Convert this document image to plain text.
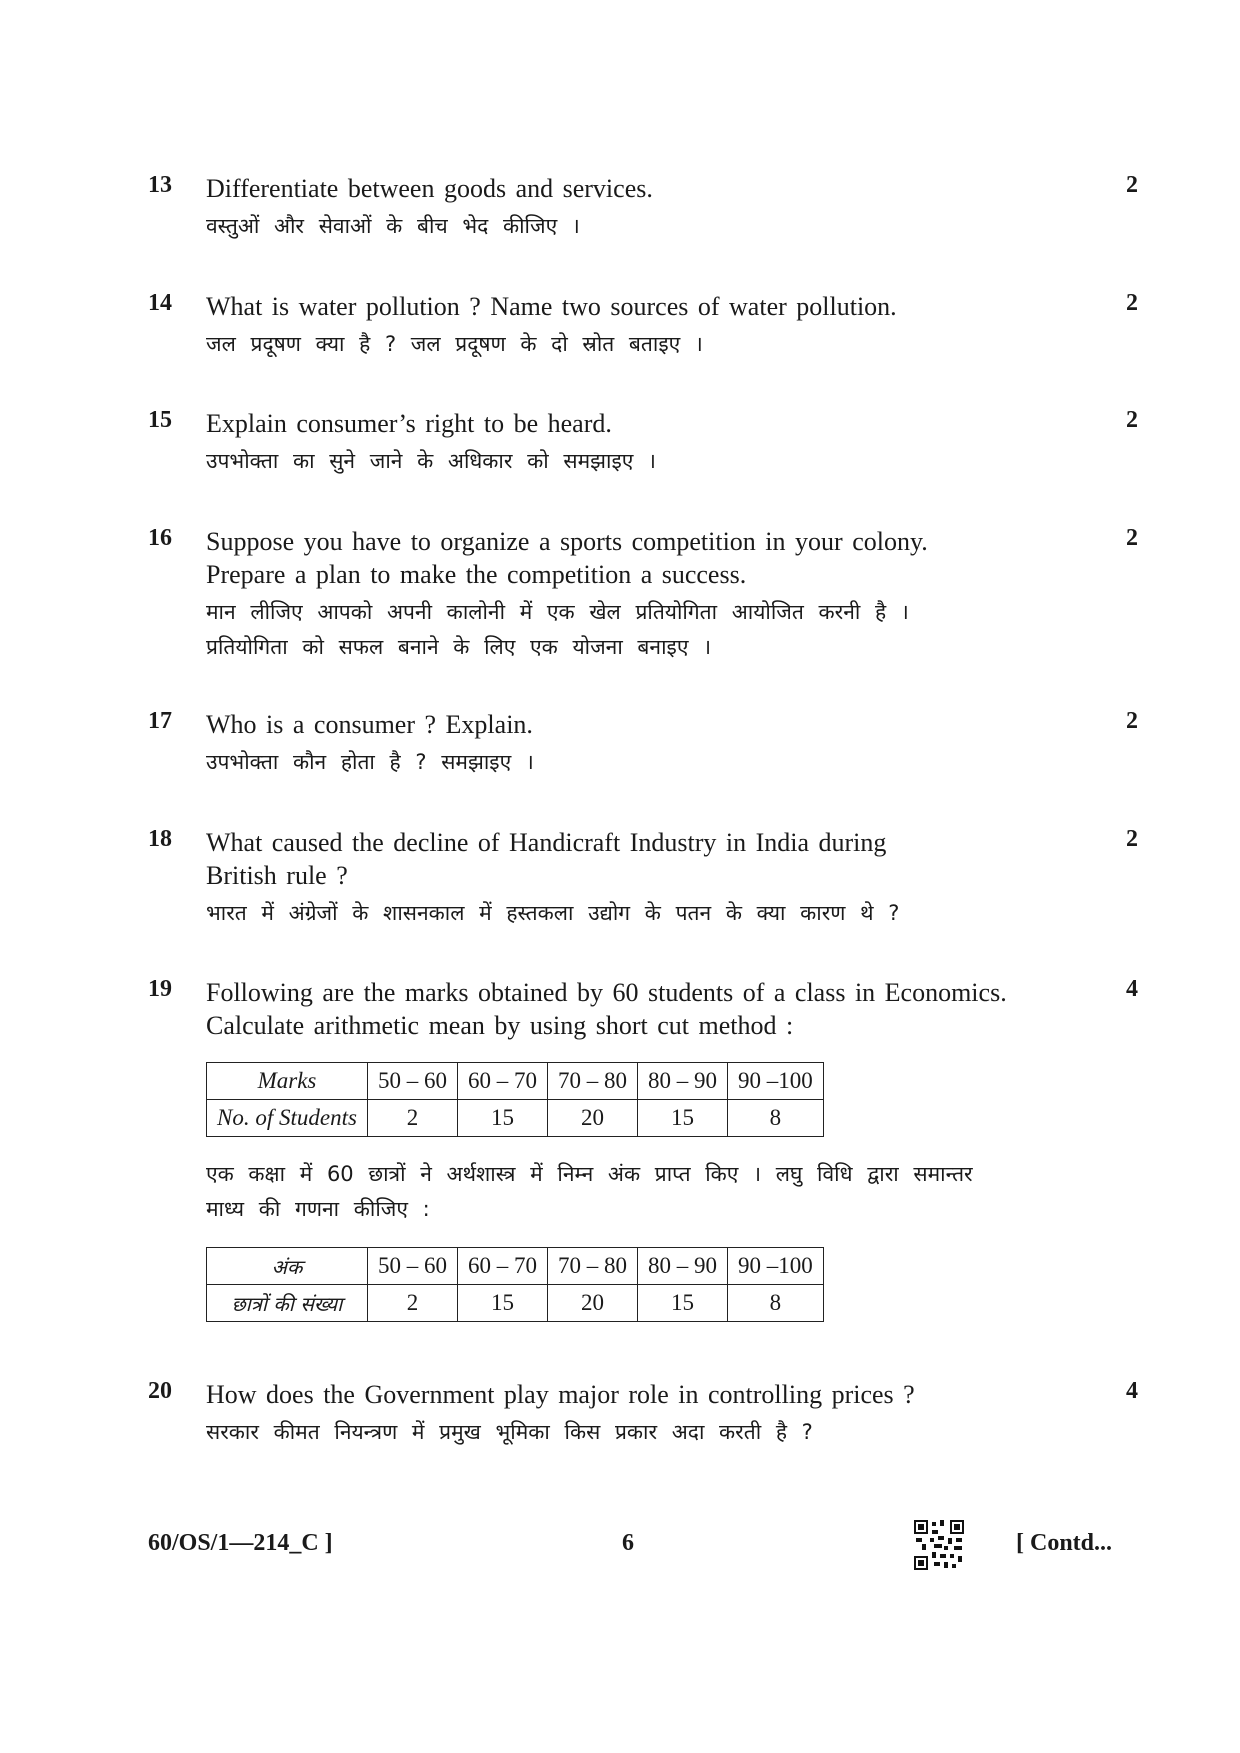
13	2
Differentiate between goods and services.
वस्तुओं और सेवाओं के बीच भेद कीजिए ।
14	2
What is water pollution ? Name two sources of water pollution.
जल प्रदूषण क्या है ? जल प्रदूषण के दो स्रोत बताइए ।
15	2
Explain consumer’s right to be heard.
उपभोक्ता का सुने जाने के अधिकार को समझाइए ।
16	2
Suppose you have to organize a sports competition in your colony.
Prepare a plan to make the competition a success.
मान लीजिए आपको अपनी कालोनी में एक खेल प्रतियोगिता आयोजित करनी है ।
प्रतियोगिता को सफल बनाने के लिए एक योजना बनाइए ।
17	2
Who is a consumer ? Explain.
उपभोक्ता कौन होता है ? समझाइए ।
18	2
What caused the decline of Handicraft Industry in India during
British rule ?
भारत में अंग्रेजों के शासनकाल में हस्तकला उद्योग के पतन के क्या कारण थे ?
19	4
Following are the marks obtained by 60 students of a class in Economics.
Calculate arithmetic mean by using short cut method :
Marks	50 – 60	60 – 70	70 – 80	80 – 90	90 –100
No. of Students	2	15	20	15	8
एक कक्षा में 60 छात्रों ने अर्थशास्त्र में निम्न अंक प्राप्त किए । लघु विधि द्वारा समान्तर
माध्य की गणना कीजिए :
अंक	50 – 60	60 – 70	70 – 80	80 – 90	90 –100
छात्रों की संख्या	2	15	20	15	8
20	4
How does the Government play major role in controlling prices ?
सरकार कीमत नियन्त्रण में प्रमुख भूमिका किस प्रकार अदा करती है ?
60/OS/1—214_C ]	6	[ Contd...
